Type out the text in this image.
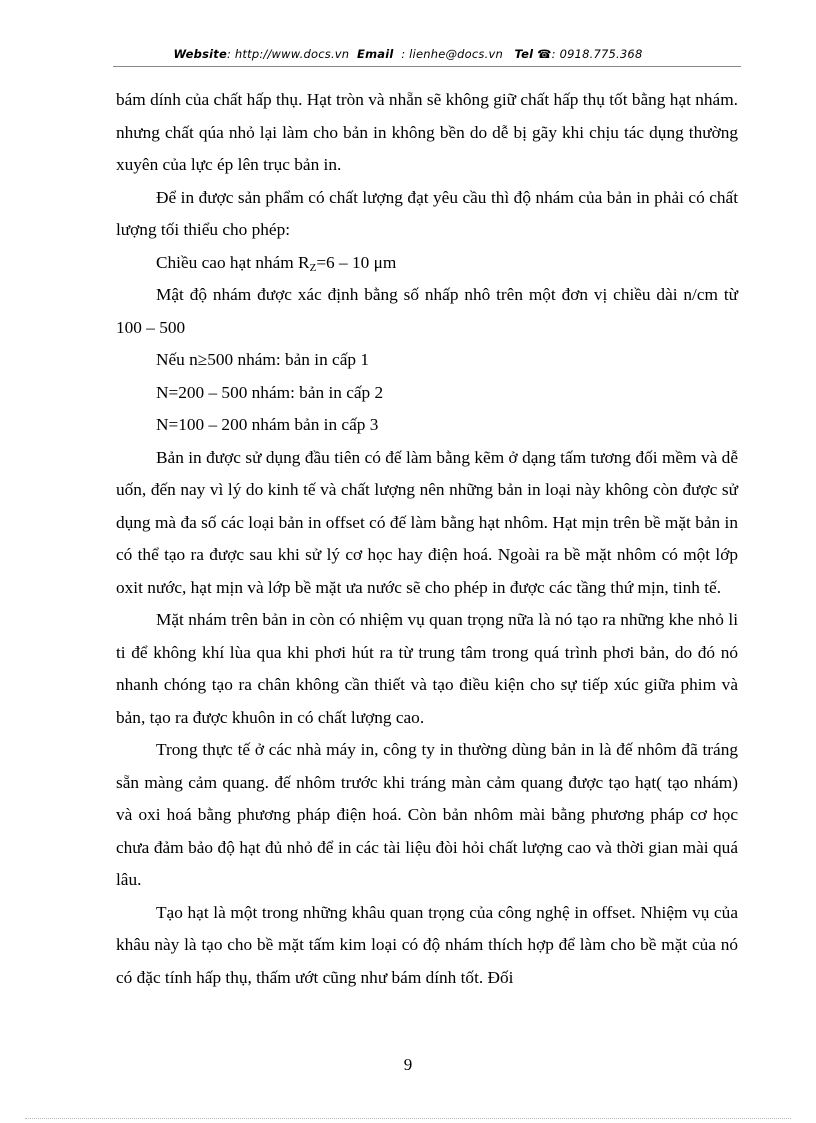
Website: http://www.docs.vn Email : lienhe@docs.vn Tel ☎: 0918.775.368

bám dính của chất hấp thụ. Hạt tròn và nhẵn sẽ không giữ chất hấp thụ tốt bằng hạt nhám. nhưng chất qúa nhỏ lại làm cho bản in không bền do dễ bị gãy khi chịu tác dụng thường xuyên của lực ép lên trục bản in.

Để in được sản phẩm có chất lượng đạt yêu cầu thì độ nhám của bản in phải có chất lượng tối thiểu cho phép:

Chiều cao hạt nhám $R_Z=6 - 10$ μm

Mật độ nhám được xác định bằng số nhấp nhô trên một đơn vị chiều dài n/cm từ 100 – 500

Nếu n≥500 nhám: bản in cấp 1

N=200 – 500 nhám: bản in cấp 2

N=100 – 200 nhám bản in cấp 3

Bản in được sử dụng đầu tiên có đế làm bằng kẽm ở dạng tấm tương đối mềm và dễ uốn, đến nay vì lý do kinh tế và chất lượng nên những bản in loại này không còn được sử dụng mà đa số các loại bản in offset có đế làm bằng hạt nhôm. Hạt mịn trên bề mặt bản in có thể tạo ra được sau khi sử lý cơ học hay điện hoá. Ngoài ra bề mặt nhôm có một lớp oxit nước, hạt mịn và lớp bề mặt ưa nước sẽ cho phép in được các tầng thứ mịn, tinh tế.

Mặt nhám trên bản in còn có nhiệm vụ quan trọng nữa là nó tạo ra những khe nhỏ li ti để không khí lùa qua khi phơi hút ra từ trung tâm trong quá trình phơi bản, do đó nó nhanh chóng tạo ra chân không cần thiết và tạo điều kiện cho sự tiếp xúc giữa phim và bản, tạo ra được khuôn in có chất lượng cao.

Trong thực tế ở các nhà máy in, công ty in thường dùng bản in là đế nhôm đã tráng sẵn màng cảm quang. đế nhôm trước khi tráng màn cảm quang được tạo hạt( tạo nhám) và oxi hoá bằng phương pháp điện hoá. Còn bản nhôm mài bằng phương pháp cơ học chưa đảm bảo độ hạt đủ nhỏ để in các tài liệu đòi hỏi chất lượng cao và thời gian mài quá lâu.

Tạo hạt là một trong những khâu quan trọng của công nghệ in offset. Nhiệm vụ của khâu này là tạo cho bề mặt tấm kim loại có độ nhám thích hợp để làm cho bề mặt của nó có đặc tính hấp thụ, thấm ướt cũng như bám dính tốt. Đối

9
